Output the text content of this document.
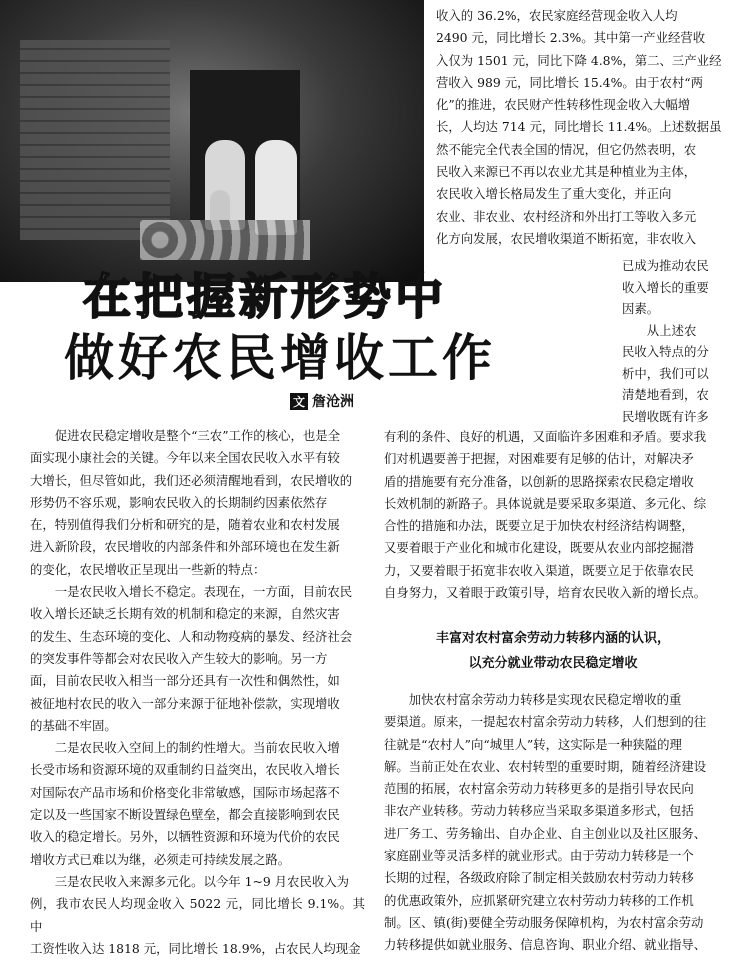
在把握新形势中
做好农民增收工作
文 詹沧洲
收入的 36.2%，农民家庭经营现金收入人均
2490 元，同比增长 2.3%。其中第一产业经营收
入仅为 1501 元，同比下降 4.8%，第二、三产业经
营收入 989 元，同比增长 15.4%。由于农村“两
化”的推进，农民财产性转移性现金收入大幅增
长，人均达 714 元，同比增长 11.4%。上述数据虽
然不能完全代表全国的情况，但它仍然表明，农
民收入来源已不再以农业尤其是种植业为主体，
农民收入增长格局发生了重大变化，并正向
农业、非农业、农村经济和外出打工等收入多元
化方向发展，农民增收渠道不断拓宽，非农收入
已成为推动农民
收入增长的重要
因素。
　　从上述农
民收入特点的分
析中，我们可以
清楚地看到，农
民增收既有许多
　　促进农民稳定增收是整个“三农”工作的核心，也是全
面实现小康社会的关键。今年以来全国农民收入水平有较
大增长，但尽管如此，我们还必须清醒地看到，农民增收的
形势仍不容乐观，影响农民收入的长期制约因素依然存
在，特别值得我们分析和研究的是，随着农业和农村发展
进入新阶段，农民增收的内部条件和外部环境也在发生新
的变化，农民增收正呈现出一些新的特点：
　　一是农民收入增长不稳定。表现在，一方面，目前农民
收入增长还缺乏长期有效的机制和稳定的来源，自然灾害
的发生、生态环境的变化、人和动物疫病的暴发、经济社会
的突发事件等都会对农民收入产生较大的影响。另一方
面，目前农民收入相当一部分还具有一次性和偶然性，如
被征地村农民的收入一部分来源于征地补偿款，实现增收
的基础不牢固。
　　二是农民收入空间上的制约性增大。当前农民收入增
长受市场和资源环境的双重制约日益突出，农民收入增长
对国际农产品市场和价格变化非常敏感，国际市场起落不
定以及一些国家不断设置绿色壁垒，都会直接影响到农民
收入的稳定增长。另外，以牺牲资源和环境为代价的农民
增收方式已难以为继，必须走可持续发展之路。
　　三是农民收入来源多元化。以今年 1~9 月农民收入为
例，我市农民人均现金收入 5022 元，同比增长 9.1%。其中
工资性收入达 1818 元，同比增长 18.9%，占农民人均现金
有利的条件、良好的机遇，又面临许多困难和矛盾。要求我
们对机遇要善于把握，对困难要有足够的估计，对解决矛
盾的措施要有充分准备，以创新的思路探索农民稳定增收
长效机制的新路子。具体说就是要采取多渠道、多元化、综
合性的措施和办法，既要立足于加快农村经济结构调整，
又要着眼于产业化和城市化建设，既要从农业内部挖掘潜
力，又要着眼于拓宽非农收入渠道，既要立足于依靠农民
自身努力，又着眼于政策引导，培育农民收入新的增长点。
丰富对农村富余劳动力转移内涵的认识，
以充分就业带动农民稳定增收
　　加快农村富余劳动力转移是实现农民稳定增收的重
要渠道。原来，一提起农村富余劳动力转移，人们想到的往
往就是“农村人”向“城里人”转，这实际是一种狭隘的理
解。当前正处在农业、农村转型的重要时期，随着经济建设
范围的拓展，农村富余劳动力转移更多的是指引导农民向
非农产业转移。劳动力转移应当采取多渠道多形式，包括
进厂务工、劳务输出、自办企业、自主创业以及社区服务、
家庭副业等灵活多样的就业形式。由于劳动力转移是一个
长期的过程，各级政府除了制定相关鼓励农村劳动力转移
的优惠政策外，应抓紧研究建立农村劳动力转移的工作机
制。区、镇(街)要健全劳动服务保障机构，为农村富余劳动
力转移提供如就业服务、信息咨询、职业介绍、就业指导、
